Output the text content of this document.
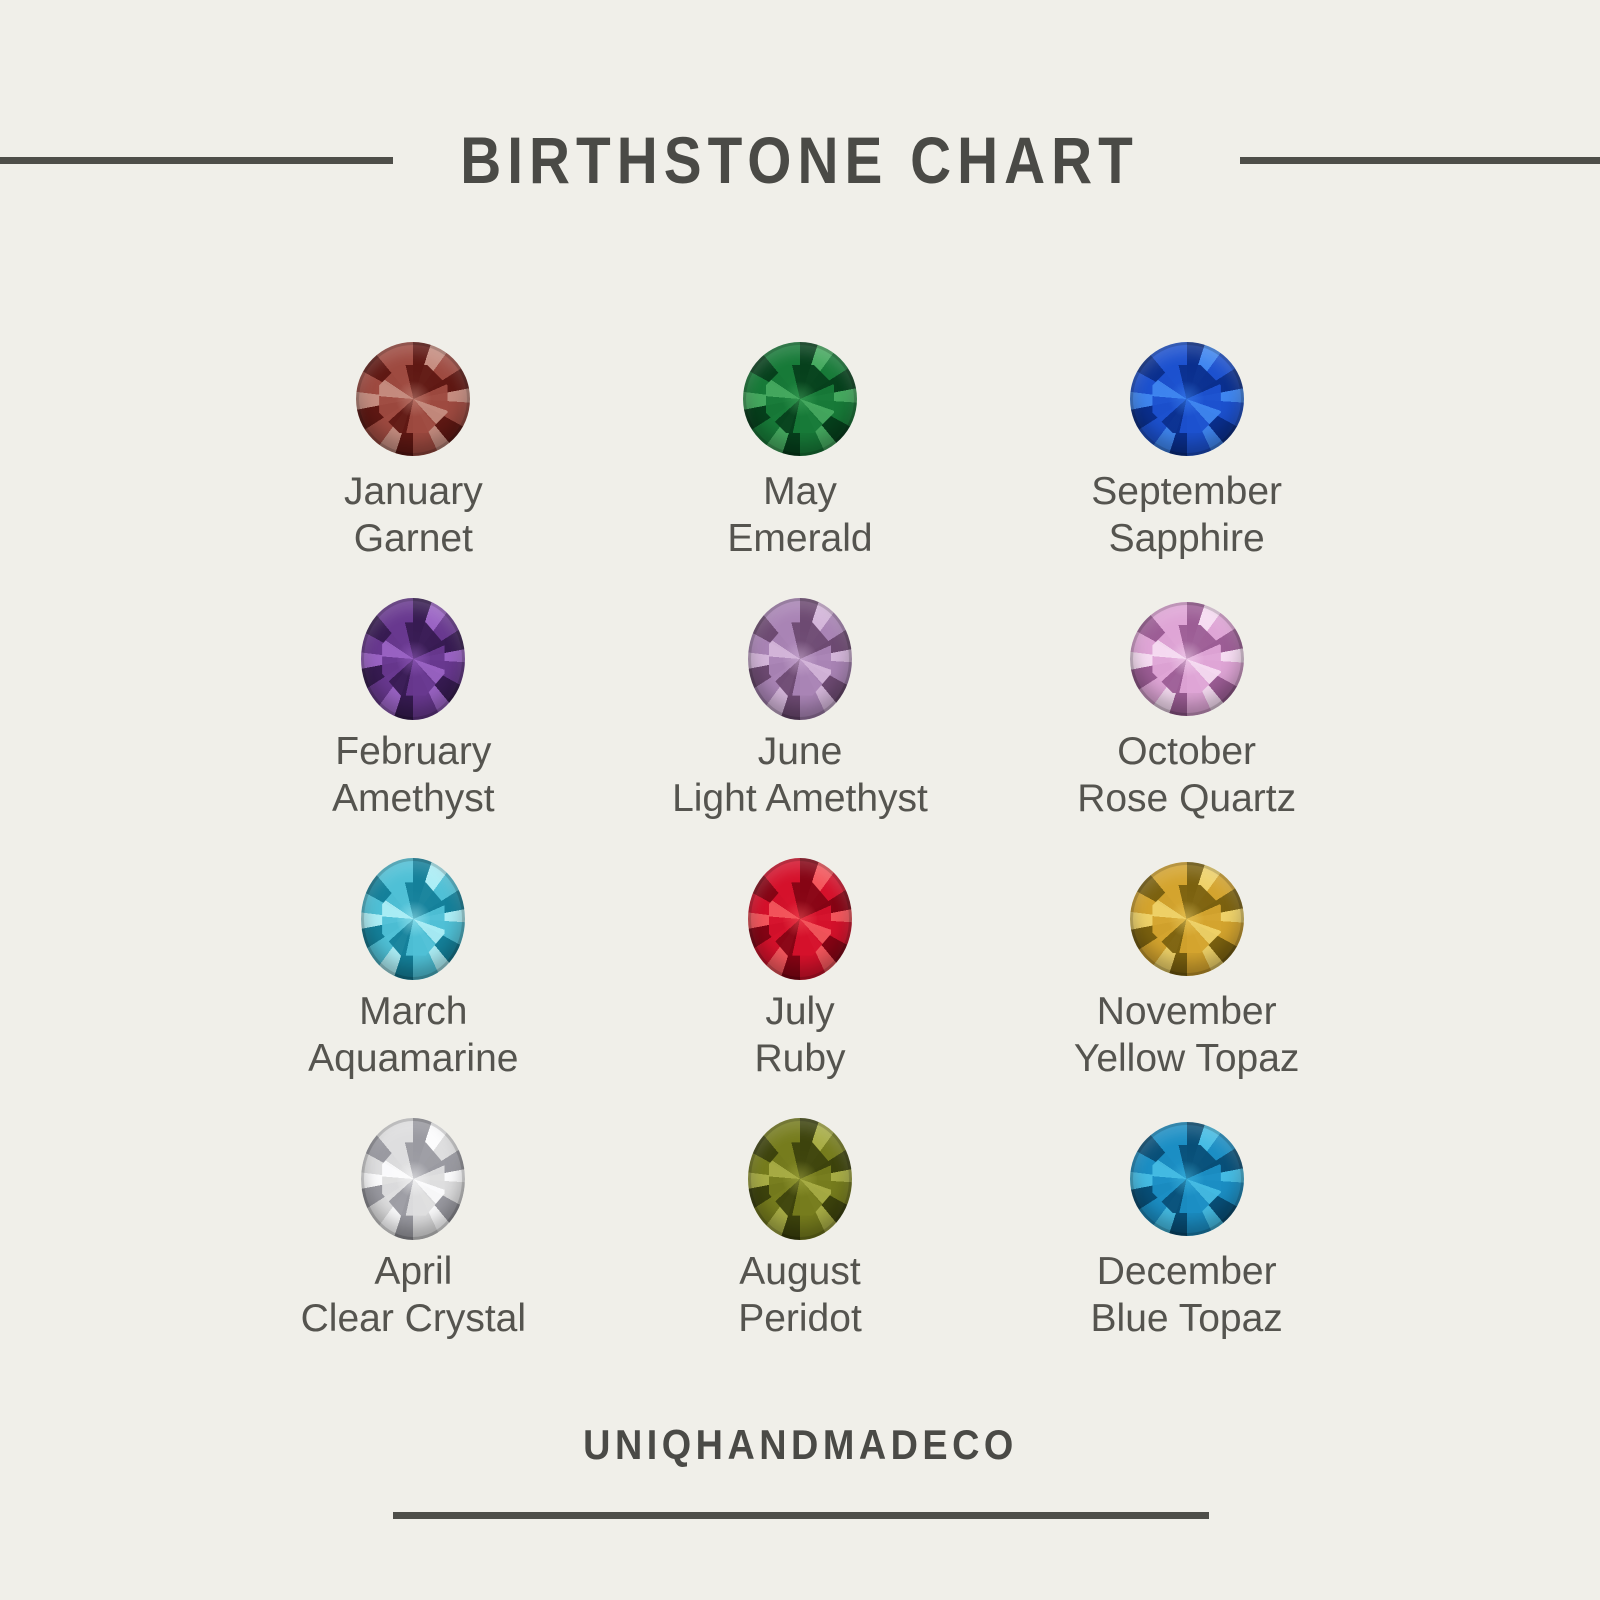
BIRTHSTONE CHART
January
Garnet
May
Emerald
September
Sapphire
February
Amethyst
June
Light Amethyst
October
Rose Quartz
March
Aquamarine
July
Ruby
November
Yellow Topaz
April
Clear Crystal
August
Peridot
December
Blue Topaz
UNIQHANDMADECO
